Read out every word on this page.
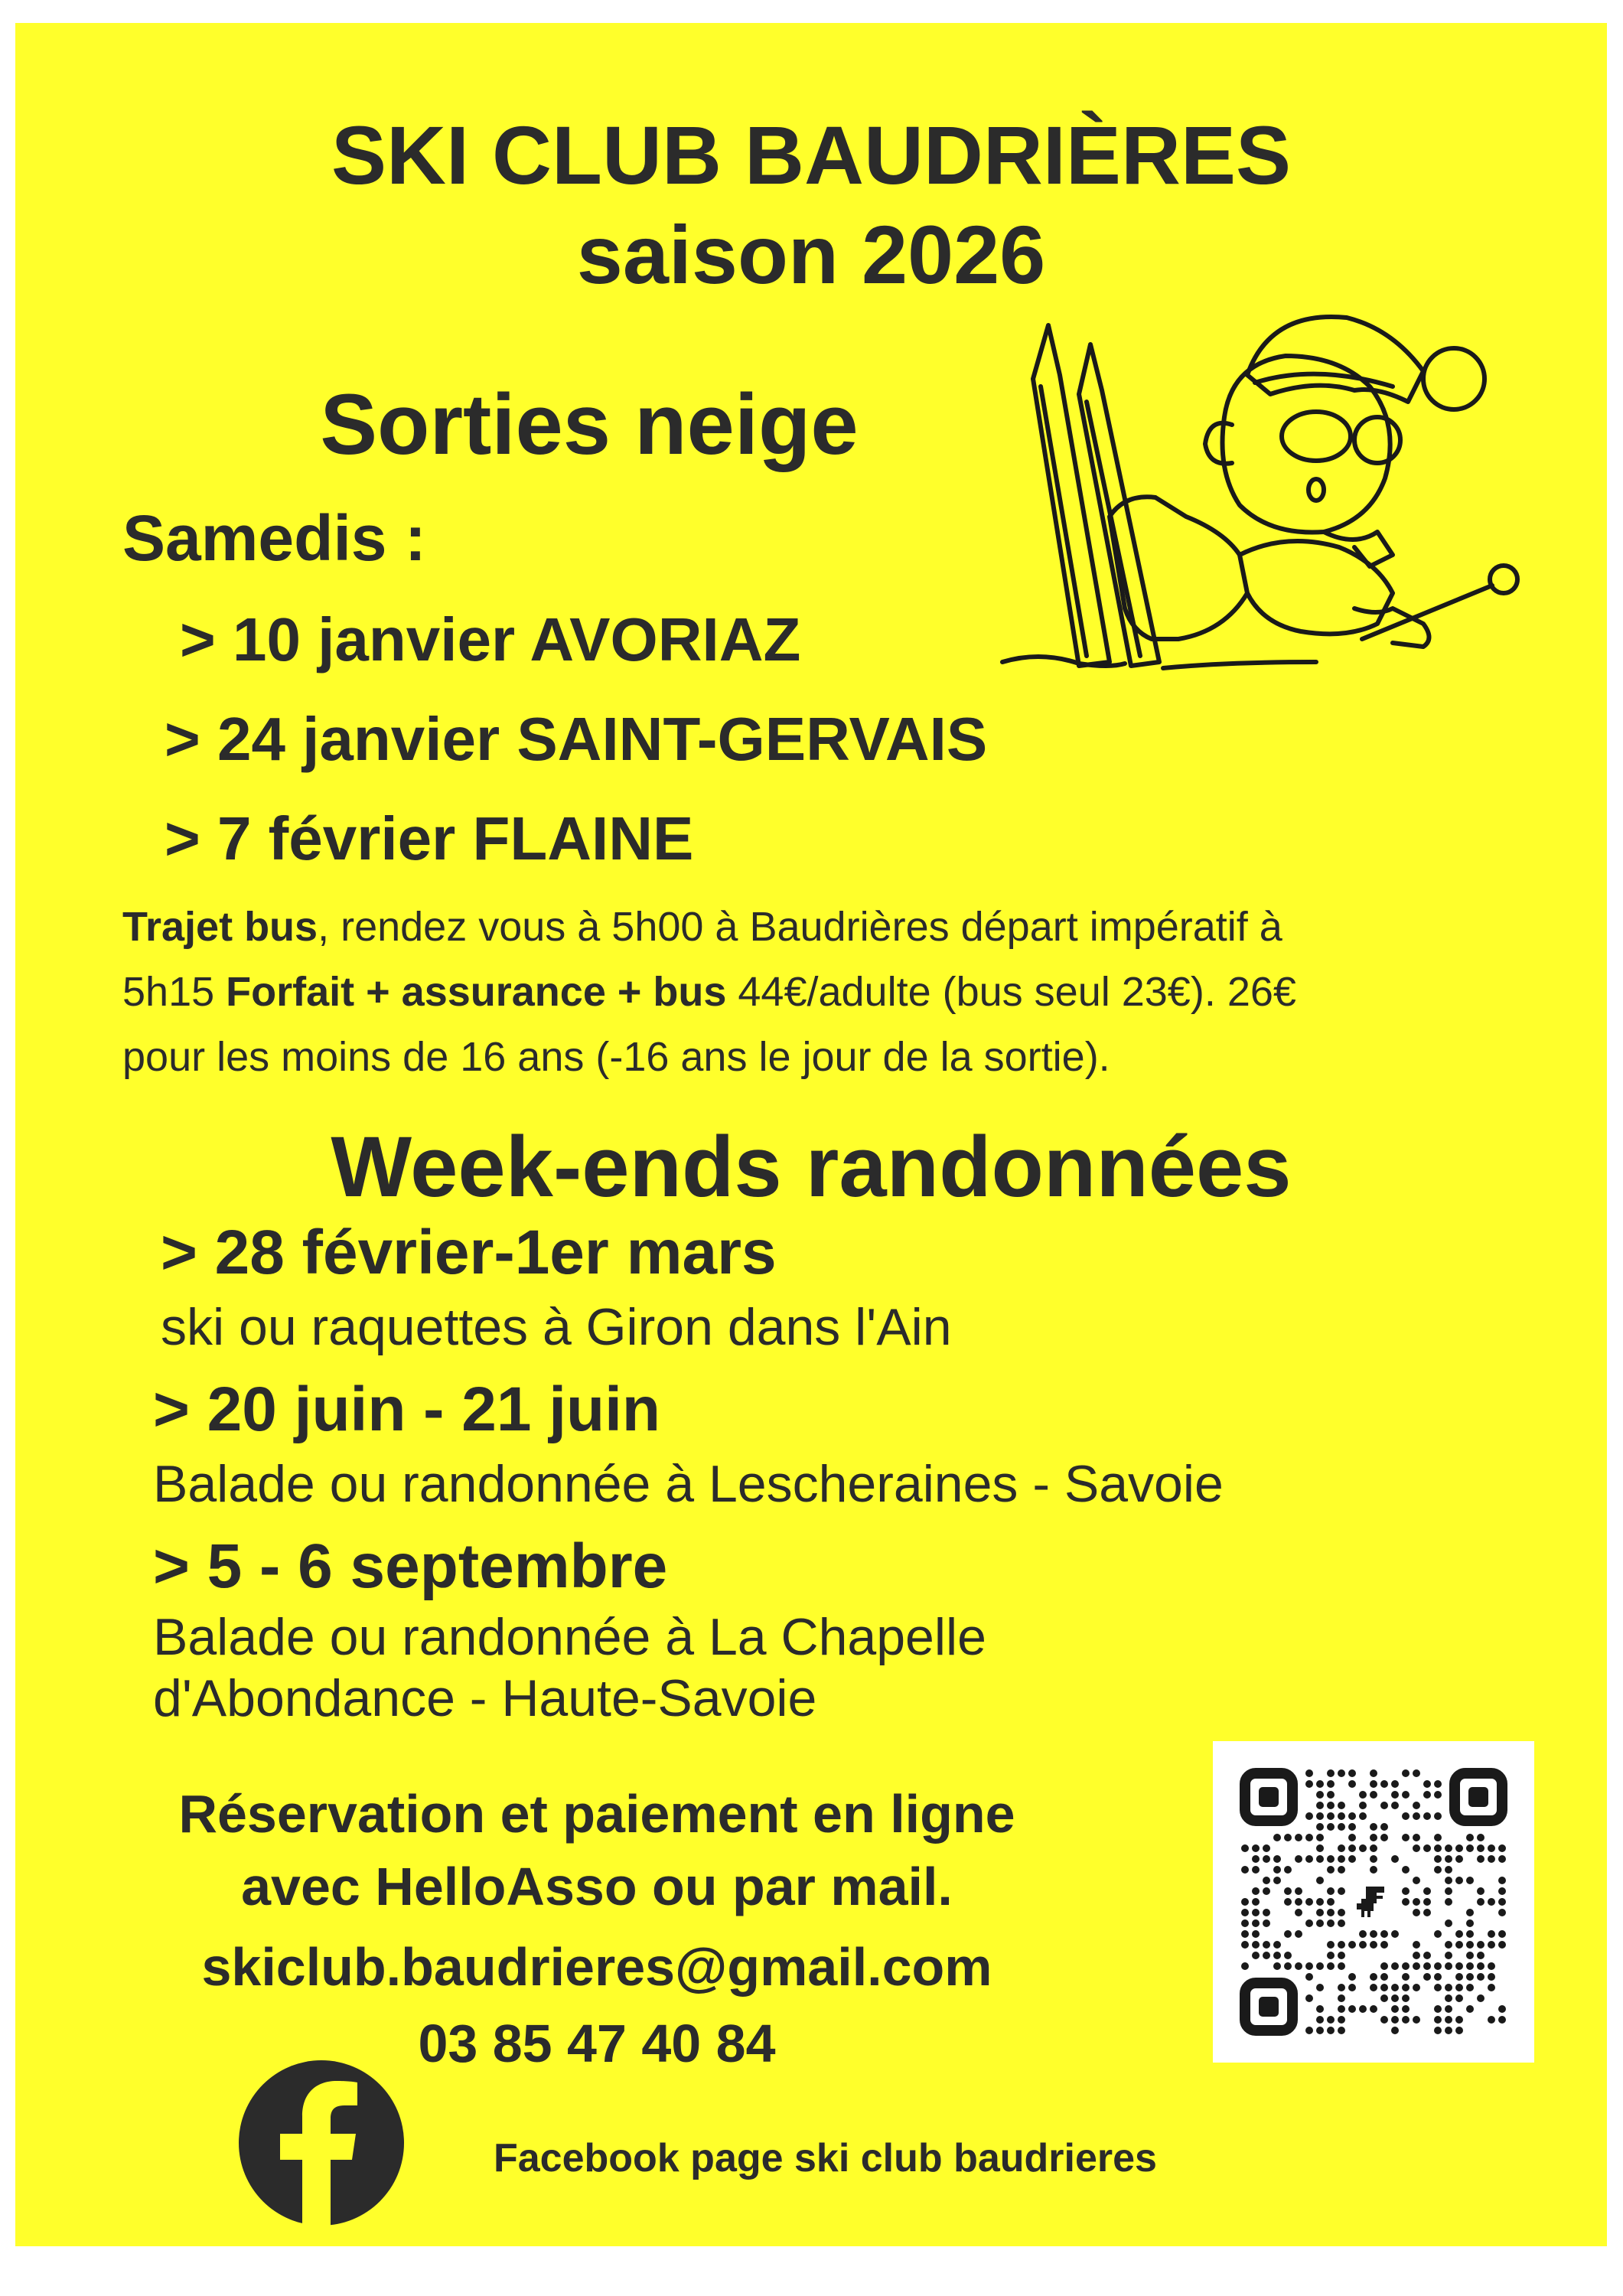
SKI CLUB BAUDRIÈRES
saison 2026
Sorties neige
Samedis :
> 10 janvier AVORIAZ
> 24 janvier SAINT-GERVAIS
> 7 février FLAINE
Trajet bus, rendez vous à 5h00 à Baudrières départ impératif à
5h15 Forfait + assurance + bus 44€/adulte (bus seul 23€). 26€
pour les moins de 16 ans (-16 ans le jour de la sortie).
Week-ends randonnées
> 28 février-1er mars
ski ou raquettes à Giron dans l'Ain
> 20 juin - 21 juin
Balade ou randonnée à Lescheraines - Savoie
> 5 - 6 septembre
Balade ou randonnée à La Chapelle
d'Abondance - Haute-Savoie
Réservation et paiement en ligne
avec HelloAsso ou par mail.
skiclub.baudrieres@gmail.com
03 85 47 40 84
Facebook page ski club baudrieres
